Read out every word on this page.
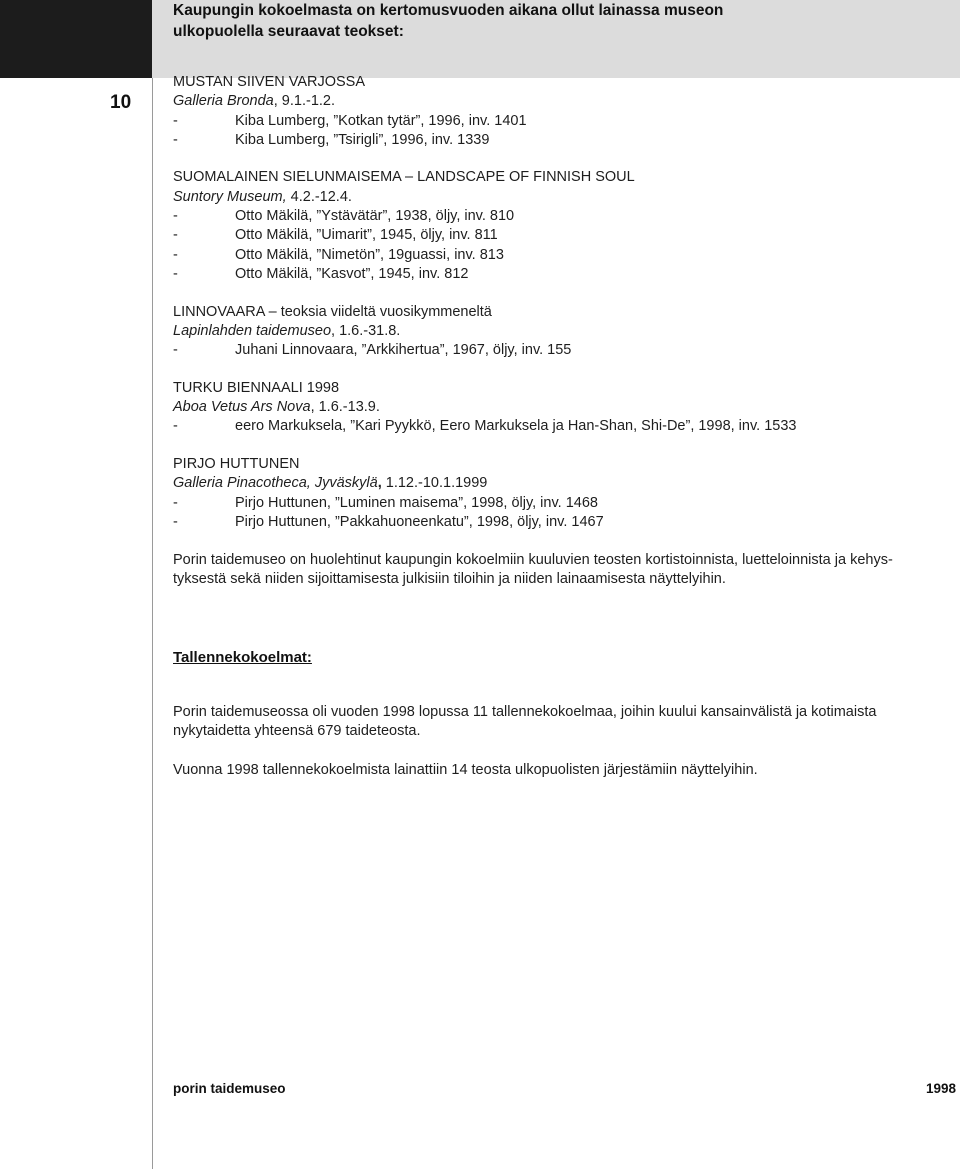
Kaupungin kokoelmasta on kertomusvuoden aikana ollut lainassa museon
ulkopuolella seuraavat teokset:
10
MUSTAN SIIVEN VARJOSSA
Galleria Bronda, 9.1.-1.2.
-	Kiba Lumberg, ”Kotkan tytär”, 1996, inv. 1401
-	Kiba Lumberg, ”Tsirigli”, 1996, inv. 1339
SUOMALAINEN SIELUNMAISEMA – LANDSCAPE OF FINNISH SOUL
Suntory Museum, 4.2.-12.4.
-	Otto Mäkilä, ”Ystävätär”, 1938, öljy, inv. 810
-	Otto Mäkilä, ”Uimarit”, 1945, öljy, inv. 811
-	Otto Mäkilä, ”Nimetön”, 19guassi, inv. 813
-	Otto Mäkilä, ”Kasvot”, 1945, inv. 812
LINNOVAARA – teoksia viideltä vuosikymmeneltä
Lapinlahden taidemuseo, 1.6.-31.8.
-	Juhani Linnovaara, ”Arkkihertua”, 1967, öljy, inv. 155
TURKU BIENNAALI 1998
Aboa Vetus Ars Nova, 1.6.-13.9.
-	eero Markuksela, ”Kari Pyykkö, Eero Markuksela ja Han-Shan, Shi-De”, 1998, inv. 1533
PIRJO HUTTUNEN
Galleria Pinacotheca, Jyväskylä, 1.12.-10.1.1999
-	Pirjo Huttunen, ”Luminen maisema”, 1998, öljy, inv. 1468
-	Pirjo Huttunen, ”Pakkahuoneenkatu”, 1998, öljy, inv. 1467

Porin taidemuseo on huolehtinut kaupungin kokoelmiin kuuluvien teosten kortistoinnista, luetteloinnista ja kehys-
tyksestä sekä niiden sijoittamisesta julkisiin tiloihin ja niiden lainaamisesta näyttelyihin.

Tallennekokoelmat:

Porin taidemuseossa oli vuoden 1998 lopussa 11 tallennekokoelmaa, joihin kuului kansainvälistä ja kotimaista
nykytaidetta yhteensä 679 taideteosta.

Vuonna 1998 tallennekokoelmista lainattiin 14 teosta ulkopuolisten järjestämiin näyttelyihin.

porin taidemuseo	1998
